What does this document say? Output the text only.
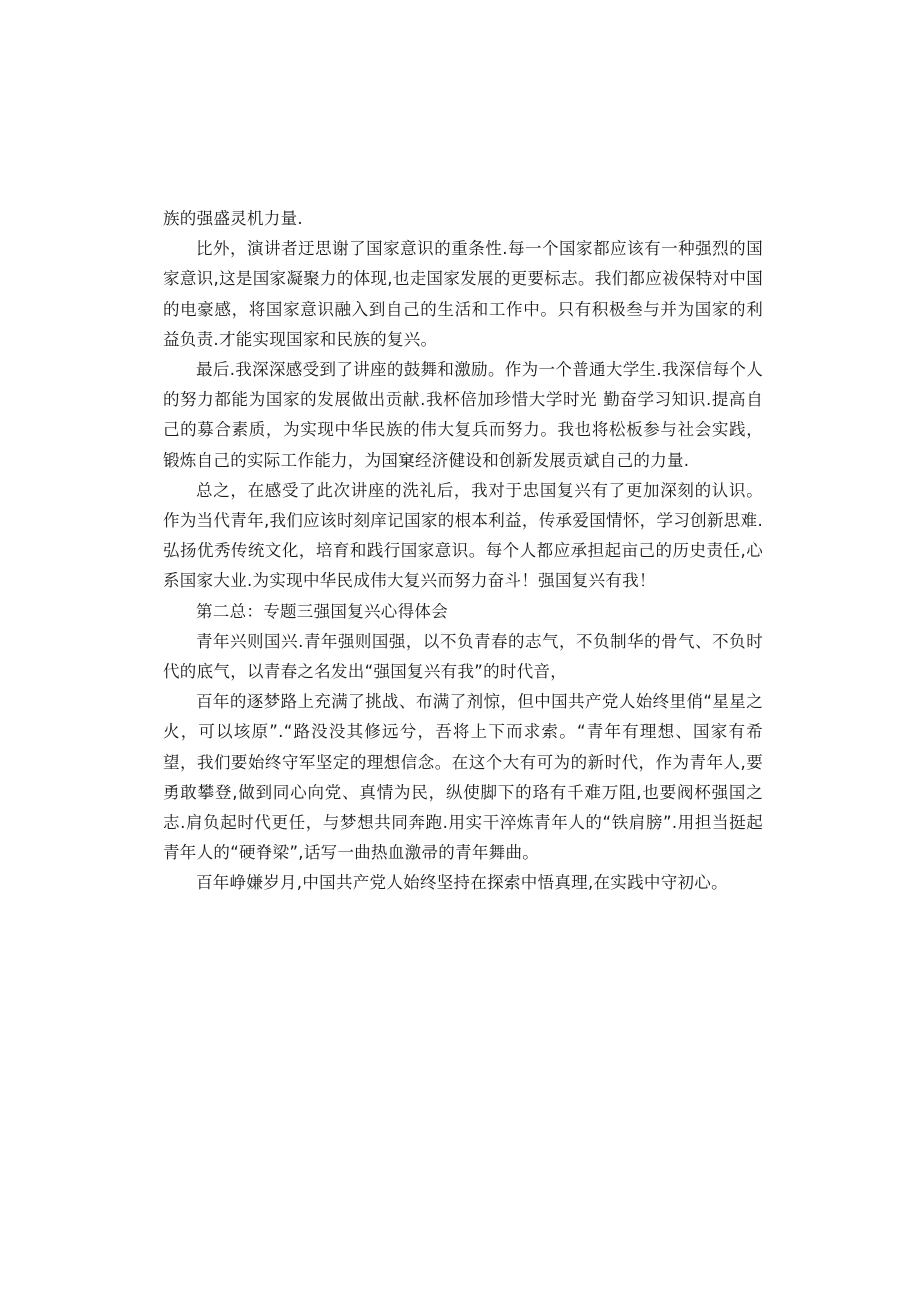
族的强盛灵机力量.

比外，演讲者迂思谢了国家意识的重条性.每一个国家都应该有一种强烈的国家意识,这是国家凝聚力的体现,也走国家发展的更要标志。我们都应祓保特对中国的电豪感，将国家意识融入到自己的生活和工作中。只有积极叁与并为国家的利益负责.才能实现国家和民族的复兴。

最后.我深深感受到了讲座的鼓舞和激励。作为一个普通大学生.我深信每个人的努力都能为国家的发展做出贡献.我杯倍加珍惜大学时光 勤奋学习知识.提高自己的募合素质，为实现中华民族的伟大复兵而努力。我也将松板参与社会实践，锻炼自己的实际工作能力，为国窠经济健设和创新发展贡斌自己的力量.

总之，在感受了此次讲座的洗礼后，我对于忠国复兴有了更加深刻的认识。作为当代青年,我们应该时刻庠记国家的根本利益，传承爱国情怀，学习创新思难.弘扬优秀传统文化，培育和践行国家意识。每个人都应承担起亩己的历史责任,心系国家大业.为实现中华民成伟大复兴而努力奋斗！强国复兴有我！

第二总：专题三强国复兴心得体会

青年兴则国兴.青年强则国强，以不负青春的志气，不负制华的骨气、不负时代的底气，以青春之名发出“强国复兴有我”的时代音，

百年的逐梦路上充满了挑战、布满了剂惊，但中国共产党人始终里俏“星星之火，可以垓原”.“路没没其修远兮，吾将上下而求索。“青年有理想、国家有希望，我们要始终守军坚定的理想信念。在这个大有可为的新时代，作为青年人,要勇敢攀登,做到同心向党、真情为民，纵使脚下的珞有千难万阻,也要阀杯强国之志.肩负起时代更任，与梦想共同奔跑.用实干淬炼青年人的“铁肩膀”.用担当挺起青年人的“硬脊梁”,话写一曲热血激帚的青年舞曲。

百年峥嫌岁月,中国共产党人始终坚持在探索中悟真理,在实践中守初心。
